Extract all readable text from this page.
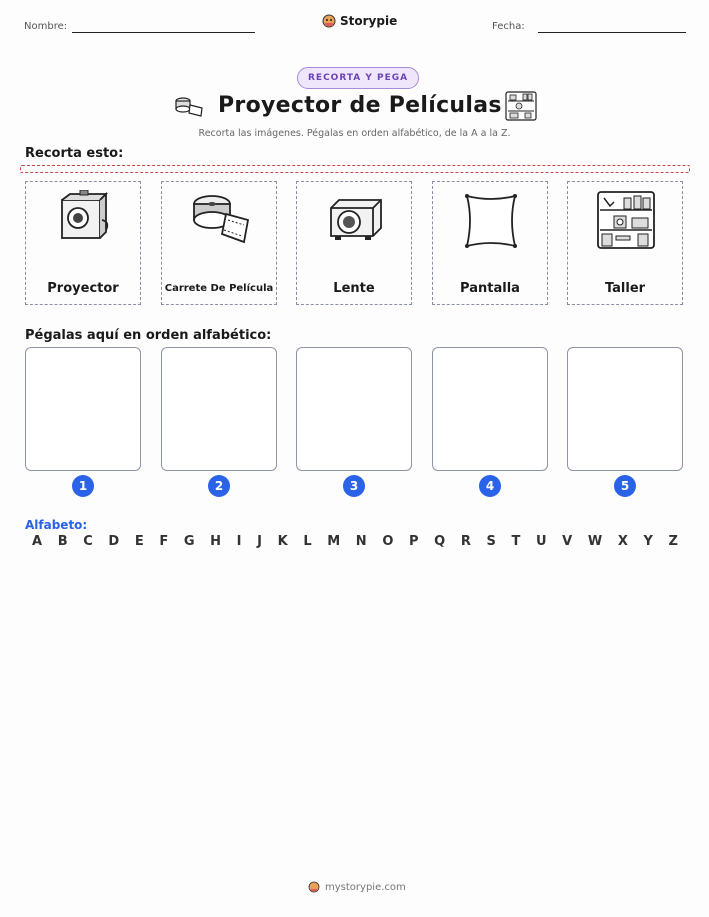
Nombre:	Storypie	Fecha:
RECORTA Y PEGA
Proyector de Películas
Recorta las imágenes. Pégalas en orden alfabético, de la A a la Z.
Recorta esto:
Proyector	Carrete De Película	Lente	Pantalla	Taller
Pégalas aquí en orden alfabético:
1	2	3	4	5
Alfabeto:
A B C D E F G H I J K L M N O P Q R S T U V W X Y Z
mystorypie.com
